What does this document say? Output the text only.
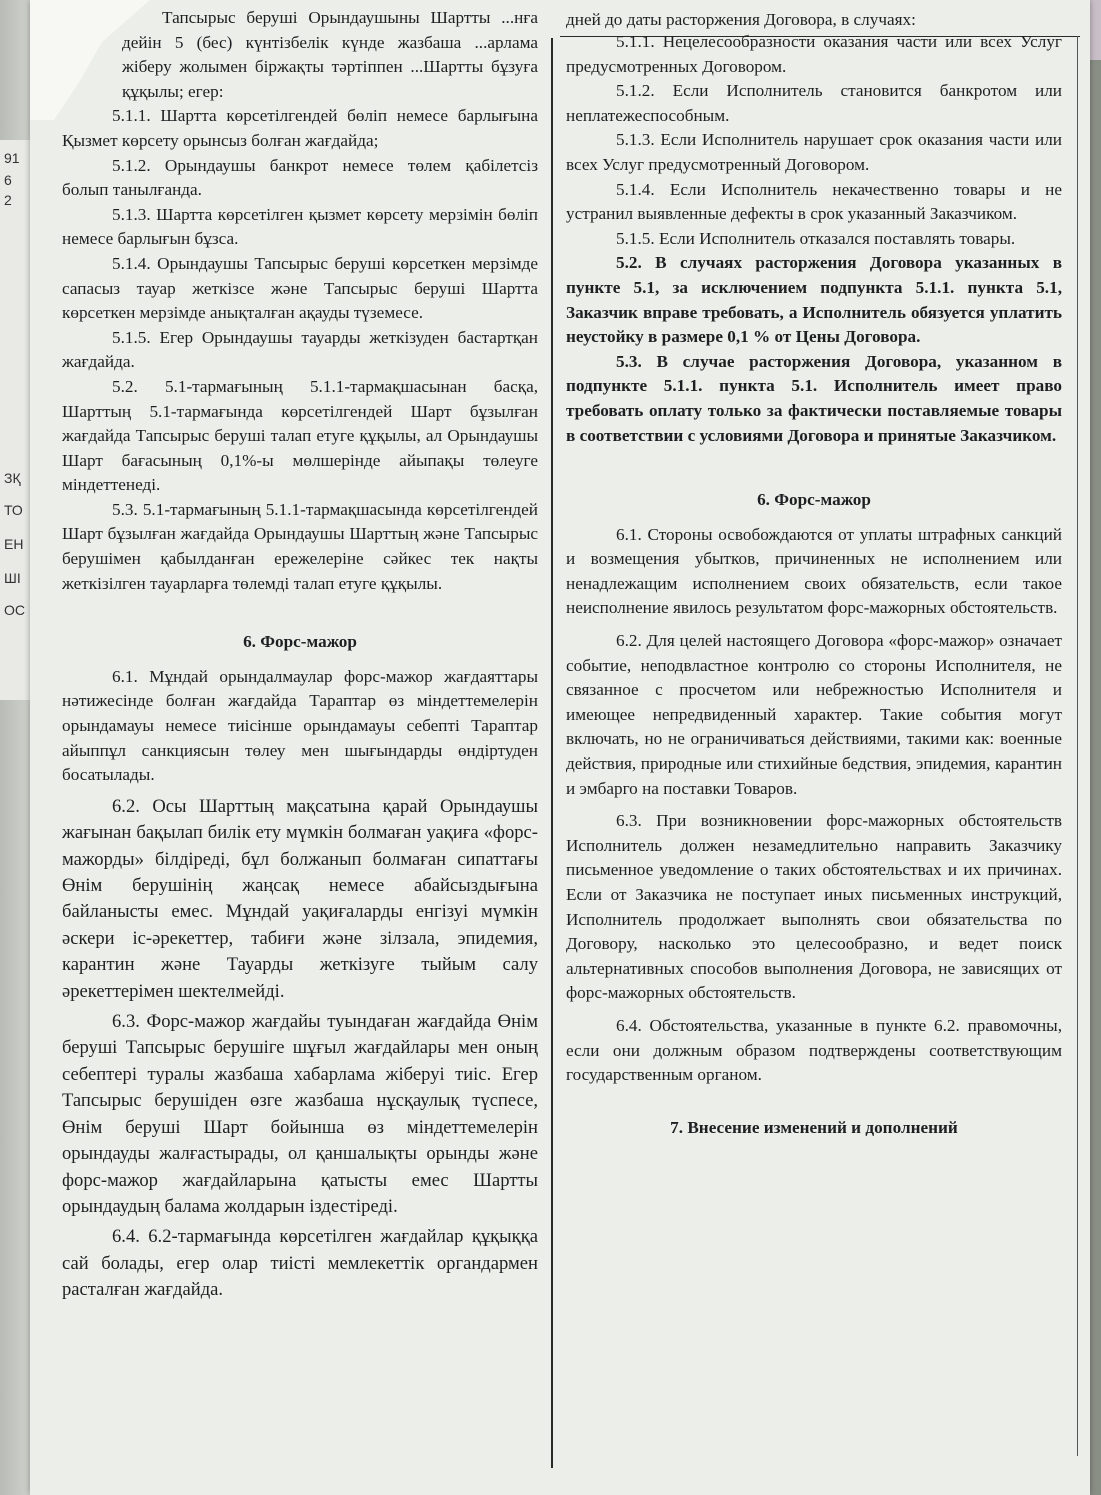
91
6
2
ЗҚ
ТО
ЕН
ШІ
ОС

Тапсырыс беруші Орындаушыны Шартты ...нға дейін 5 (бес) күнтізбелік күнде жазбаша ...арлама жіберу жолымен біржақты тәртіппен ...Шартты бұзуға құқылы; егер:

5.1.1. Шартта көрсетілгендей бөліп немесе барлығына Қызмет көрсету орынсыз болған жағдайда;

5.1.2. Орындаушы банкрот немесе төлем қабілетсіз болып танылғанда.

5.1.3. Шартта көрсетілген қызмет көрсету мерзімін бөліп немесе барлығын бұзса.

5.1.4. Орындаушы Тапсырыс беруші көрсеткен мерзімде сапасыз тауар жеткізсе және Тапсырыс беруші Шартта көрсеткен мерзімде анықталған ақауды түземесе.

5.1.5. Егер Орындаушы тауарды жеткізуден бастартқан жағдайда.

5.2. 5.1-тармағының 5.1.1-тармақшасынан басқа, Шарттың 5.1-тармағында көрсетілгендей Шарт бұзылған жағдайда Тапсырыс беруші талап етуге құқылы, ал Орындаушы Шарт бағасының 0,1%-ы мөлшерінде айыпақы төлеуге міндеттенеді.

5.3. 5.1-тармағының 5.1.1-тармақшасында көрсетілгендей Шарт бұзылған жағдайда Орындаушы Шарттың және Тапсырыс берушімен қабылданған ережелеріне сәйкес тек нақты жеткізілген тауарларға төлемді талап етуге құқылы.

6. Форс-мажор

6.1. Мұндай орындалмаулар форс-мажор жағдаяттары нәтижесінде болған жағдайда Тараптар өз міндеттемелерін орындамауы немесе тиісінше орындамауы себепті Тараптар айыппұл санкциясын төлеу мен шығындарды өндіртуден босатылады.

6.2. Осы Шарттың мақсатына қарай Орындаушы жағынан бақылап билік ету мүмкін болмаған уақиға «форс-мажорды» білдіреді, бұл болжанып болмаған сипаттағы Өнім берушінің жаңсақ немесе абайсыздығына байланысты емес. Мұндай уақиғаларды енгізуі мүмкін әскери іс-әрекеттер, табиғи және зілзала, эпидемия, карантин және Тауарды жеткізуге тыйым салу әрекеттерімен шектелмейді.

6.3. Форс-мажор жағдайы туындаған жағдайда Өнім беруші Тапсырыс берушіге шұғыл жағдайлары мен оның себептері туралы жазбаша хабарлама жіберуі тиіс. Егер Тапсырыс берушіден өзге жазбаша нұсқаулық түспесе, Өнім беруші Шарт бойынша өз міндеттемелерін орындауды жалғастырады, ол қаншалықты орынды және форс-мажор жағдайларына қатысты емес Шартты орындаудың балама жолдарын іздестіреді.

6.4. 6.2-тармағында көрсетілген жағдайлар құқыққа сай болады, егер олар тиісті мемлекеттік органдармен расталған жағдайда.

дней до даты расторжения Договора, в случаях:

5.1.1. Нецелесообразности оказания части или всех Услуг предусмотренных Договором.

5.1.2. Если Исполнитель становится банкротом или неплатежеспособным.

5.1.3. Если Исполнитель нарушает срок оказания части или всех Услуг предусмотренный Договором.

5.1.4. Если Исполнитель некачественно товары и не устранил выявленные дефекты в срок указанный Заказчиком.

5.1.5. Если Исполнитель отказался поставлять товары.

5.2. В случаях расторжения Договора указанных в пункте 5.1, за исключением подпункта 5.1.1. пункта 5.1, Заказчик вправе требовать, а Исполнитель обязуется уплатить неустойку в размере 0,1 % от Цены Договора.

5.3. В случае расторжения Договора, указанном в подпункте 5.1.1. пункта 5.1. Исполнитель имеет право требовать оплату только за фактически поставляемые товары в соответствии с условиями Договора и принятые Заказчиком.

6. Форс-мажор

6.1. Стороны освобождаются от уплаты штрафных санкций и возмещения убытков, причиненных не исполнением или ненадлежащим исполнением своих обязательств, если такое неисполнение явилось результатом форс-мажорных обстоятельств.

6.2. Для целей настоящего Договора «форс-мажор» означает событие, неподвластное контролю со стороны Исполнителя, не связанное с просчетом или небрежностью Исполнителя и имеющее непредвиденный характер. Такие события могут включать, но не ограничиваться действиями, такими как: военные действия, природные или стихийные бедствия, эпидемия, карантин и эмбарго на поставки Товаров.

6.3. При возникновении форс-мажорных обстоятельств Исполнитель должен незамедлительно направить Заказчику письменное уведомление о таких обстоятельствах и их причинах. Если от Заказчика не поступает иных письменных инструкций, Исполнитель продолжает выполнять свои обязательства по Договору, насколько это целесообразно, и ведет поиск альтернативных способов выполнения Договора, не зависящих от форс-мажорных обстоятельств.

6.4. Обстоятельства, указанные в пункте 6.2. правомочны, если они должным образом подтверждены соответствующим государственным органом.

7. Внесение изменений и дополнений
